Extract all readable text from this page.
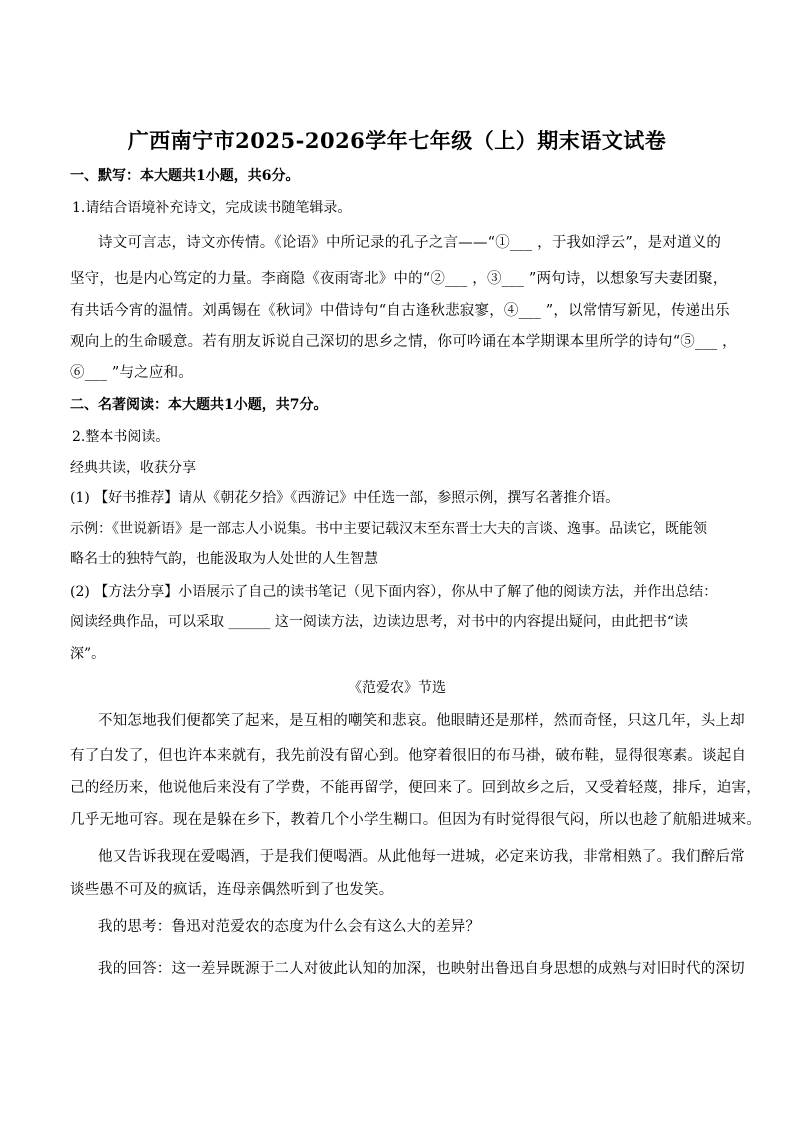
广西南宁市2025-2026学年七年级（上）期末语文试卷
一、默写：本大题共1小题，共6分。
1.请结合语境补充诗文，完成读书随笔辑录。
诗文可言志，诗文亦传情。《论语》中所记录的孔子之言——“①___ ，于我如浮云”，是对道义的
坚守，也是内心笃定的力量。李商隐《夜雨寄北》中的“②___ ，③___ ”两句诗，以想象写夫妻团聚，
有共话今宵的温情。刘禹锡在《秋词》中借诗句“自古逢秋悲寂寥，④___ ”，以常情写新见，传递出乐
观向上的生命暖意。若有朋友诉说自己深切的思乡之情，你可吟诵在本学期课本里所学的诗句“⑤___ ，
⑥___ ”与之应和。
二、名著阅读：本大题共1小题，共7分。
2.整本书阅读。
经典共读，收获分享
(1) 【好书推荐】请从《朝花夕拾》《西游记》中任选一部，参照示例，撰写名著推介语。
示例：《世说新语》是一部志人小说集。书中主要记载汉末至东晋士大夫的言谈、逸事。品读它，既能领
略名士的独特气韵，也能汲取为人处世的人生智慧
(2) 【方法分享】小语展示了自己的读书笔记（见下面内容），你从中了解了他的阅读方法，并作出总结：
阅读经典作品，可以采取 ______ 这一阅读方法，边读边思考，对书中的内容提出疑问，由此把书“读
深”。
《范爱农》节选
不知怎地我们便都笑了起来，是互相的嘲笑和悲哀。他眼睛还是那样，然而奇怪，只这几年，头上却
有了白发了，但也许本来就有，我先前没有留心到。他穿着很旧的布马褂，破布鞋，显得很寒素。谈起自
己的经历来，他说他后来没有了学费，不能再留学，便回来了。回到故乡之后，又受着轻蔑，排斥，迫害，
几乎无地可容。现在是躲在乡下，教着几个小学生糊口。但因为有时觉得很气闷，所以也趁了航船进城来。
他又告诉我现在爱喝酒，于是我们便喝酒。从此他每一进城，必定来访我，非常相熟了。我们醉后常
谈些愚不可及的疯话，连母亲偶然听到了也发笑。
我的思考：鲁迅对范爱农的态度为什么会有这么大的差异？
我的回答：这一差异既源于二人对彼此认知的加深，也映射出鲁迅自身思想的成熟与对旧时代的深切
